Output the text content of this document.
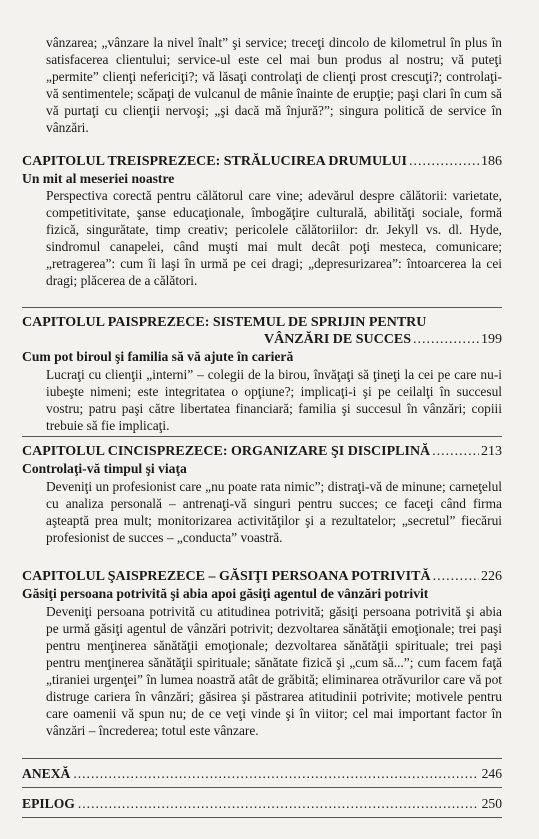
vânzarea; „vânzare la nivel înalt” şi service; treceţi dincolo de kilometrul în plus în satisfacerea clientului; service-ul este cel mai bun produs al nostru; vă puteţi „permite” clienţi nefericiţi?; vă lăsaţi controlaţi de clienţi prost crescuţi?; controlaţi-vă sentimentele; scăpaţi de vulcanul de mânie înainte de erupţie; paşi clari în cum să vă purtaţi cu clienţii nervoşi; „şi dacă mă înjură?”; singura politică de service în vânzări.
CAPITOLUL TREISPREZECE: STRĂLUCIREA DRUMULUI .....	186
Un mit al meseriei noastre
Perspectiva corectă pentru călătorul care vine; adevărul despre călătorii: varietate, competitivitate, şanse educaţionale, îmbogăţire culturală, abilităţi sociale, formă fizică, singurătate, timp creativ; pericolele călătoriilor: dr. Jekyll vs. dl. Hyde, sindromul canapelei, când muşti mai mult decât poţi mesteca, comunicare; „retragerea”: cum îi laşi în urmă pe cei dragi; „depresurizarea”: întoarcerea la cei dragi; plăcerea de a călători.
CAPITOLUL PAISPREZECE: SISTEMUL DE SPRIJIN PENTRU
VÂNZĂRI DE SUCCES .....	199
Cum pot biroul şi familia să vă ajute în carieră
Lucraţi cu clienţii „interni” – colegii de la birou, învăţaţi să ţineţi la cei pe care nu-i iubeşte nimeni; este integritatea o opţiune?; implicaţi-i şi pe ceilalţi în succesul vostru; patru paşi către libertatea financiară; familia şi succesul în vânzări; copiii trebuie să fie implicaţi.
CAPITOLUL CINCISPREZECE: ORGANIZARE ŞI DISCIPLINĂ .....	213
Controlaţi-vă timpul şi viaţa
Deveniţi un profesionist care „nu poate rata nimic”; distraţi-vă de minune; carneţelul cu analiza personală – antrenaţi-vă singuri pentru succes; ce faceţi când firma aşteaptă prea mult; monitorizarea activităţilor şi a rezultatelor; „secretul” fiecărui profesionist de succes – „conducta” voastră.
CAPITOLUL ŞAISPREZECE – GĂSIŢI PERSOANA POTRIVITĂ .....	226
Găsiţi persoana potrivită şi abia apoi găsiţi agentul de vânzări potrivit
Deveniţi persoana potrivită cu atitudinea potrivită; găsiţi persoana potrivită şi abia pe urmă găsiţi agentul de vânzări potrivit; dezvoltarea sănătăţii emoţionale; trei paşi pentru menţinerea sănătăţii emoţionale; dezvoltarea sănătăţii spirituale; trei paşi pentru menţinerea sănătăţii spirituale; sănătate fizică şi „cum să...”; cum facem faţă „tiraniei urgenţei” în lumea noastră atât de grăbită; eliminarea otrăvurilor care vă pot distruge cariera în vânzări; găsirea şi păstrarea atitudinii potrivite; motivele pentru care oamenii vă spun nu; de ce veţi vinde şi în viitor; cel mai important factor în vânzări – încrederea; totul este vânzare.
ANEXĂ .....	246
EPILOG .....	250
